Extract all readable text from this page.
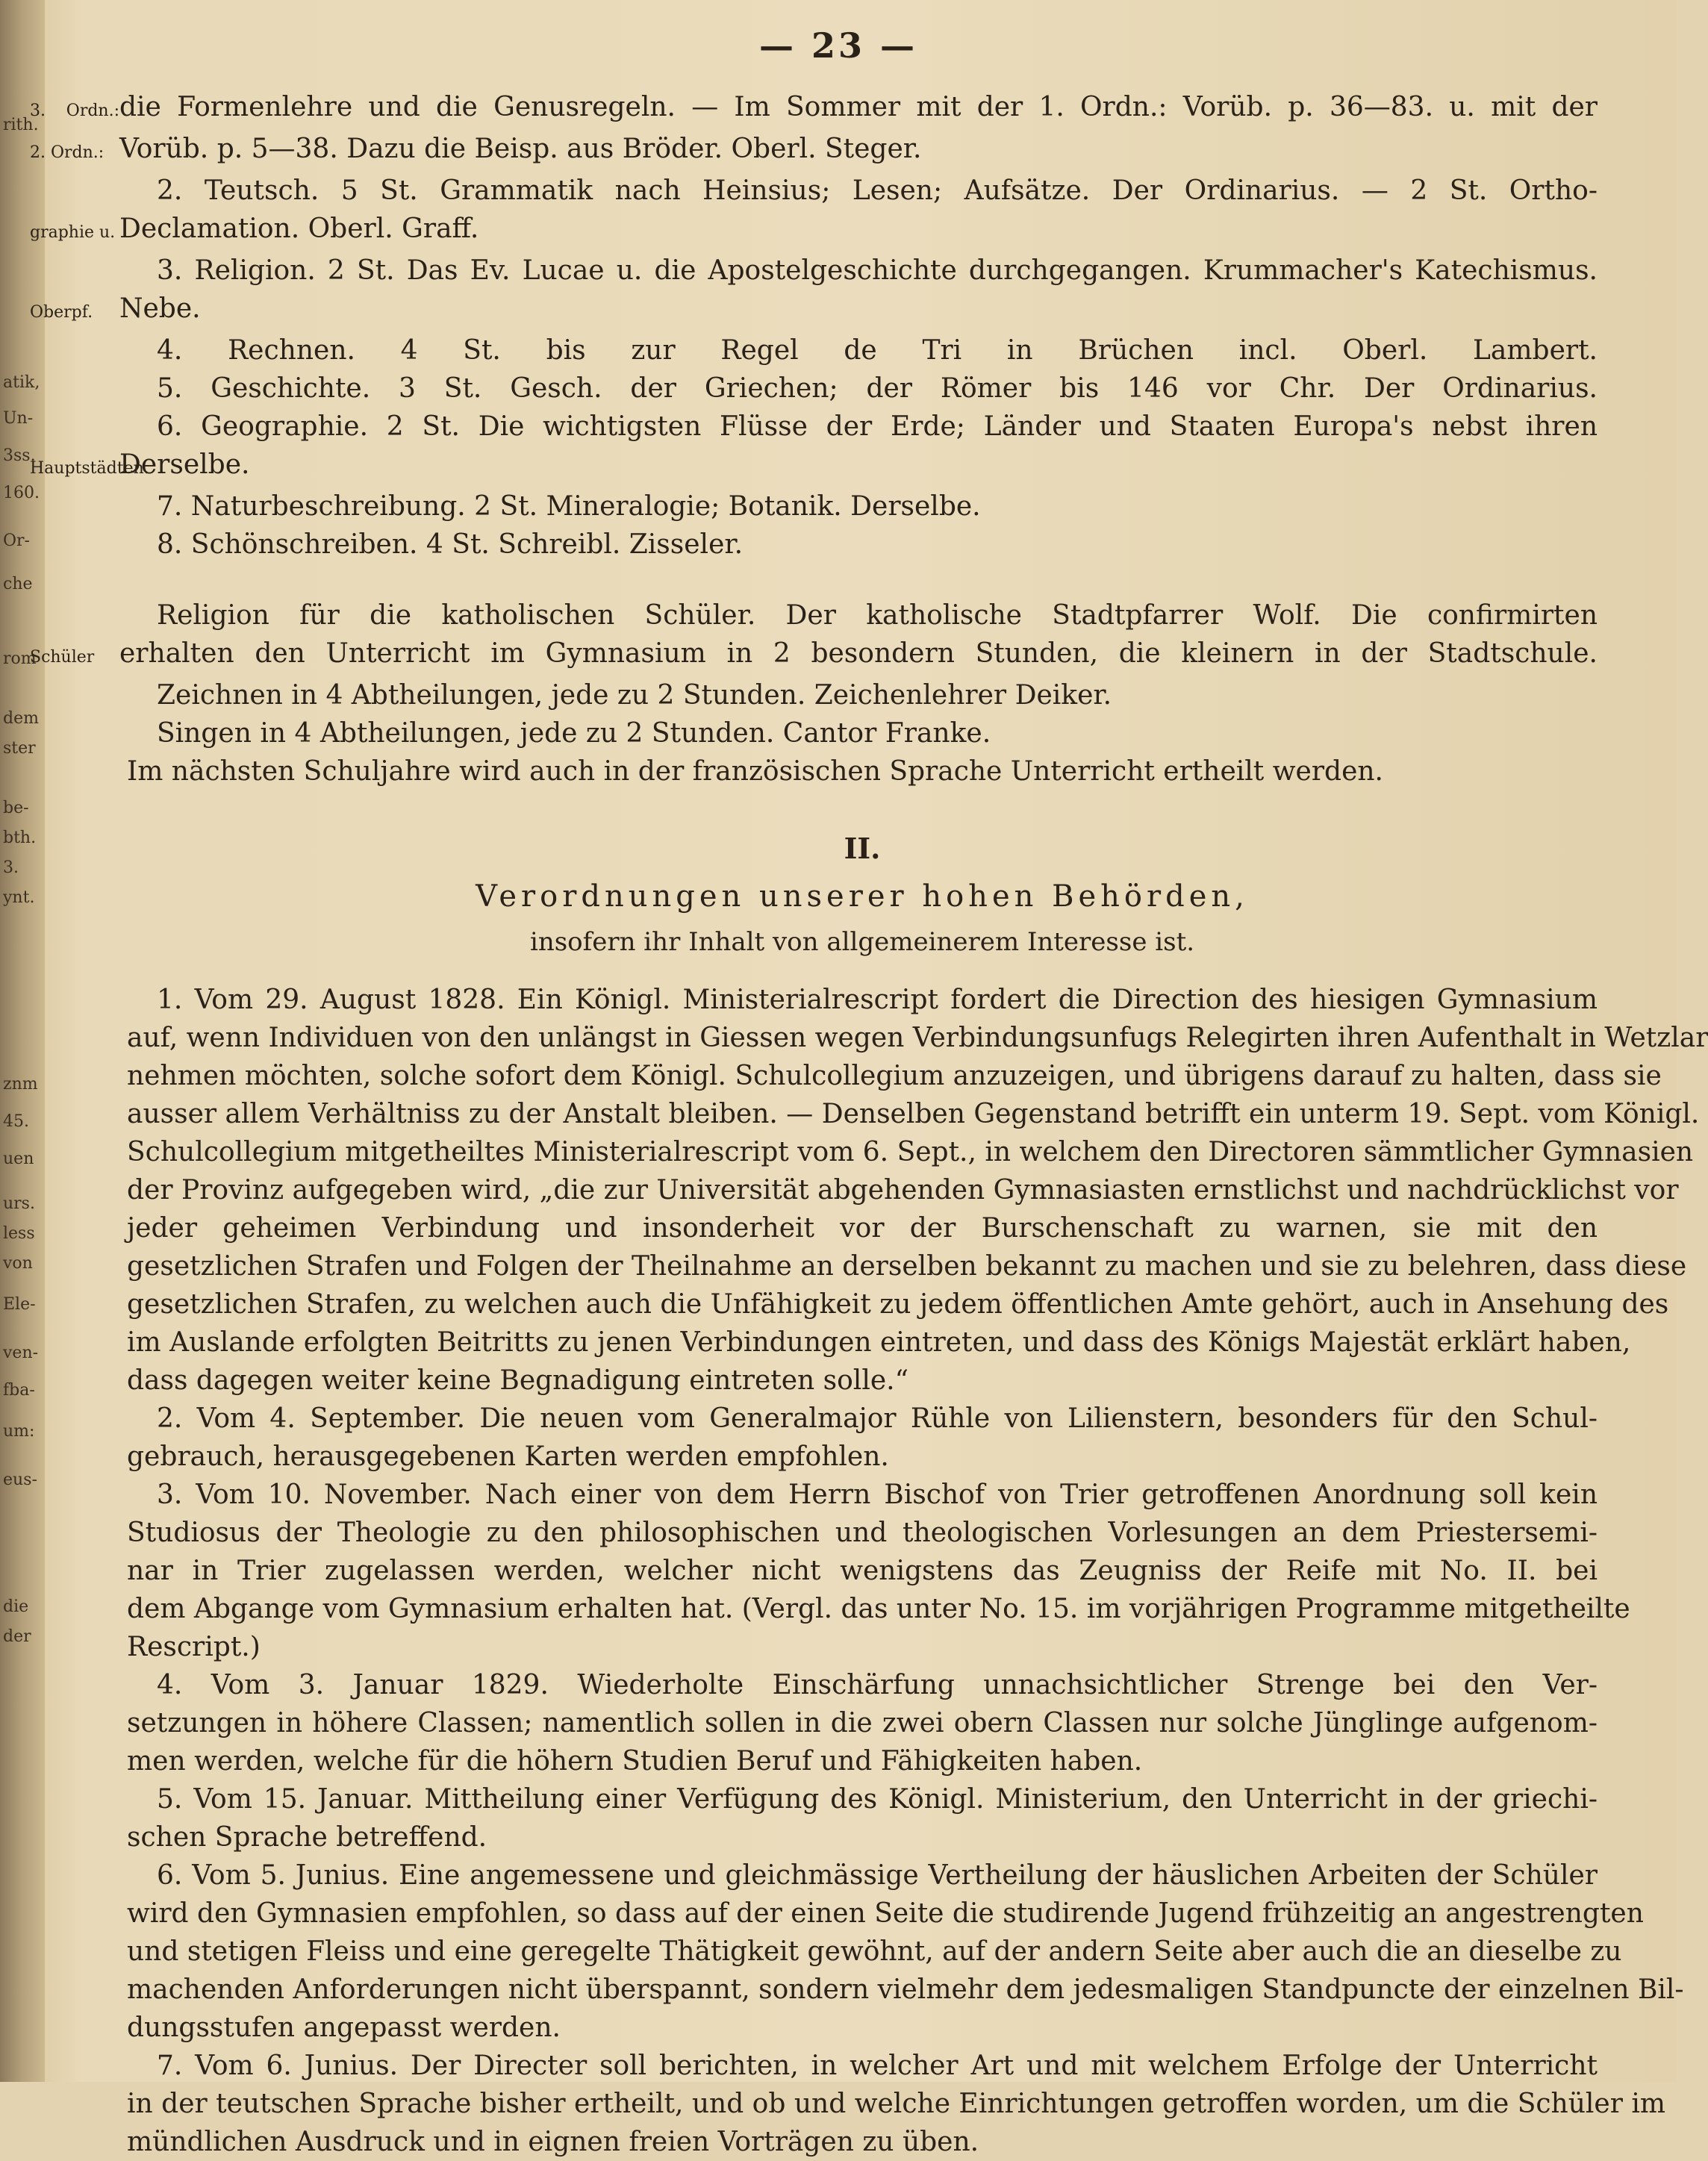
rith.
atik,
Un-
3ss.
160.
Or-
che
rom
dem
ster
be-
bth.
3.
ynt.
znm
45.
uen
urs.
less
von
Ele-
ven-
fba-
um:
eus-
die
der
— 23 —
3. Ordn.:die Formenlehre und die Genusregeln. — Im Sommer mit der 1. Ordn.: Vorüb. p. 36—83. u. mit der
2. Ordn.: Vorüb. p. 5—38. Dazu die Beisp. aus Bröder. Oberl. Steger.
2. Teutsch. 5 St. Grammatik nach Heinsius; Lesen; Aufsätze. Der Ordinarius. — 2 St. Ortho-
graphie u. Declamation. Oberl. Graff.
3. Religion. 2 St. Das Ev. Lucae u. die Apostelgeschichte durchgegangen. Krummacher's Katechismus.
Oberpf. Nebe.
4. Rechnen. 4 St. bis zur Regel de Tri in Brüchen incl. Oberl. Lambert.
5. Geschichte. 3 St. Gesch. der Griechen; der Römer bis 146 vor Chr. Der Ordinarius.
6. Geographie. 2 St. Die wichtigsten Flüsse der Erde; Länder und Staaten Europa's nebst ihren
Hauptstädten.Derselbe.
7. Naturbeschreibung. 2 St. Mineralogie; Botanik. Derselbe.
8. Schönschreiben. 4 St. Schreibl. Zisseler.
Religion für die katholischen Schüler. Der katholische Stadtpfarrer Wolf. Die confirmirten
Schüler erhalten den Unterricht im Gymnasium in 2 besondern Stunden, die kleinern in der Stadtschule.
Zeichnen in 4 Abtheilungen, jede zu 2 Stunden. Zeichenlehrer Deiker.
Singen in 4 Abtheilungen, jede zu 2 Stunden. Cantor Franke.
Im nächsten Schuljahre wird auch in der französischen Sprache Unterricht ertheilt werden.
II.
Verordnungen unserer hohen Behörden,
insofern ihr Inhalt von allgemeinerem Interesse ist.
1. Vom 29. August 1828. Ein Königl. Ministerialrescript fordert die Direction des hiesigen Gymnasium
auf, wenn Individuen von den unlängst in Giessen wegen Verbindungsunfugs Relegirten ihren Aufenthalt in Wetzlar
nehmen möchten, solche sofort dem Königl. Schulcollegium anzuzeigen, und übrigens darauf zu halten, dass sie
ausser allem Verhältniss zu der Anstalt bleiben. — Denselben Gegenstand betrifft ein unterm 19. Sept. vom Königl.
Schulcollegium mitgetheiltes Ministerialrescript vom 6. Sept., in welchem den Directoren sämmtlicher Gymnasien
der Provinz aufgegeben wird, „die zur Universität abgehenden Gymnasiasten ernstlichst und nachdrücklichst vor
jeder geheimen Verbindung und insonderheit vor der Burschenschaft zu warnen, sie mit den
gesetzlichen Strafen und Folgen der Theilnahme an derselben bekannt zu machen und sie zu belehren, dass diese
gesetzlichen Strafen, zu welchen auch die Unfähigkeit zu jedem öffentlichen Amte gehört, auch in Ansehung des
im Auslande erfolgten Beitritts zu jenen Verbindungen eintreten, und dass des Königs Majestät erklärt haben,
dass dagegen weiter keine Begnadigung eintreten solle.“
2. Vom 4. September. Die neuen vom Generalmajor Rühle von Lilienstern, besonders für den Schul-
gebrauch, herausgegebenen Karten werden empfohlen.
3. Vom 10. November. Nach einer von dem Herrn Bischof von Trier getroffenen Anordnung soll kein
Studiosus der Theologie zu den philosophischen und theologischen Vorlesungen an dem Priestersemi-
nar in Trier zugelassen werden, welcher nicht wenigstens das Zeugniss der Reife mit No. II. bei
dem Abgange vom Gymnasium erhalten hat. (Vergl. das unter No. 15. im vorjährigen Programme mitgetheilte
Rescript.)
4. Vom 3. Januar 1829. Wiederholte Einschärfung unnachsichtlicher Strenge bei den Ver-
setzungen in höhere Classen; namentlich sollen in die zwei obern Classen nur solche Jünglinge aufgenom-
men werden, welche für die höhern Studien Beruf und Fähigkeiten haben.
5. Vom 15. Januar. Mittheilung einer Verfügung des Königl. Ministerium, den Unterricht in der griechi-
schen Sprache betreffend.
6. Vom 5. Junius. Eine angemessene und gleichmässige Vertheilung der häuslichen Arbeiten der Schüler
wird den Gymnasien empfohlen, so dass auf der einen Seite die studirende Jugend frühzeitig an angestrengten
und stetigen Fleiss und eine geregelte Thätigkeit gewöhnt, auf der andern Seite aber auch die an dieselbe zu
machenden Anforderungen nicht überspannt, sondern vielmehr dem jedesmaligen Standpuncte der einzelnen Bil-
dungsstufen angepasst werden.
7. Vom 6. Junius. Der Directer soll berichten, in welcher Art und mit welchem Erfolge der Unterricht
in der teutschen Sprache bisher ertheilt, und ob und welche Einrichtungen getroffen worden, um die Schüler im
mündlichen Ausdruck und in eignen freien Vorträgen zu üben.
